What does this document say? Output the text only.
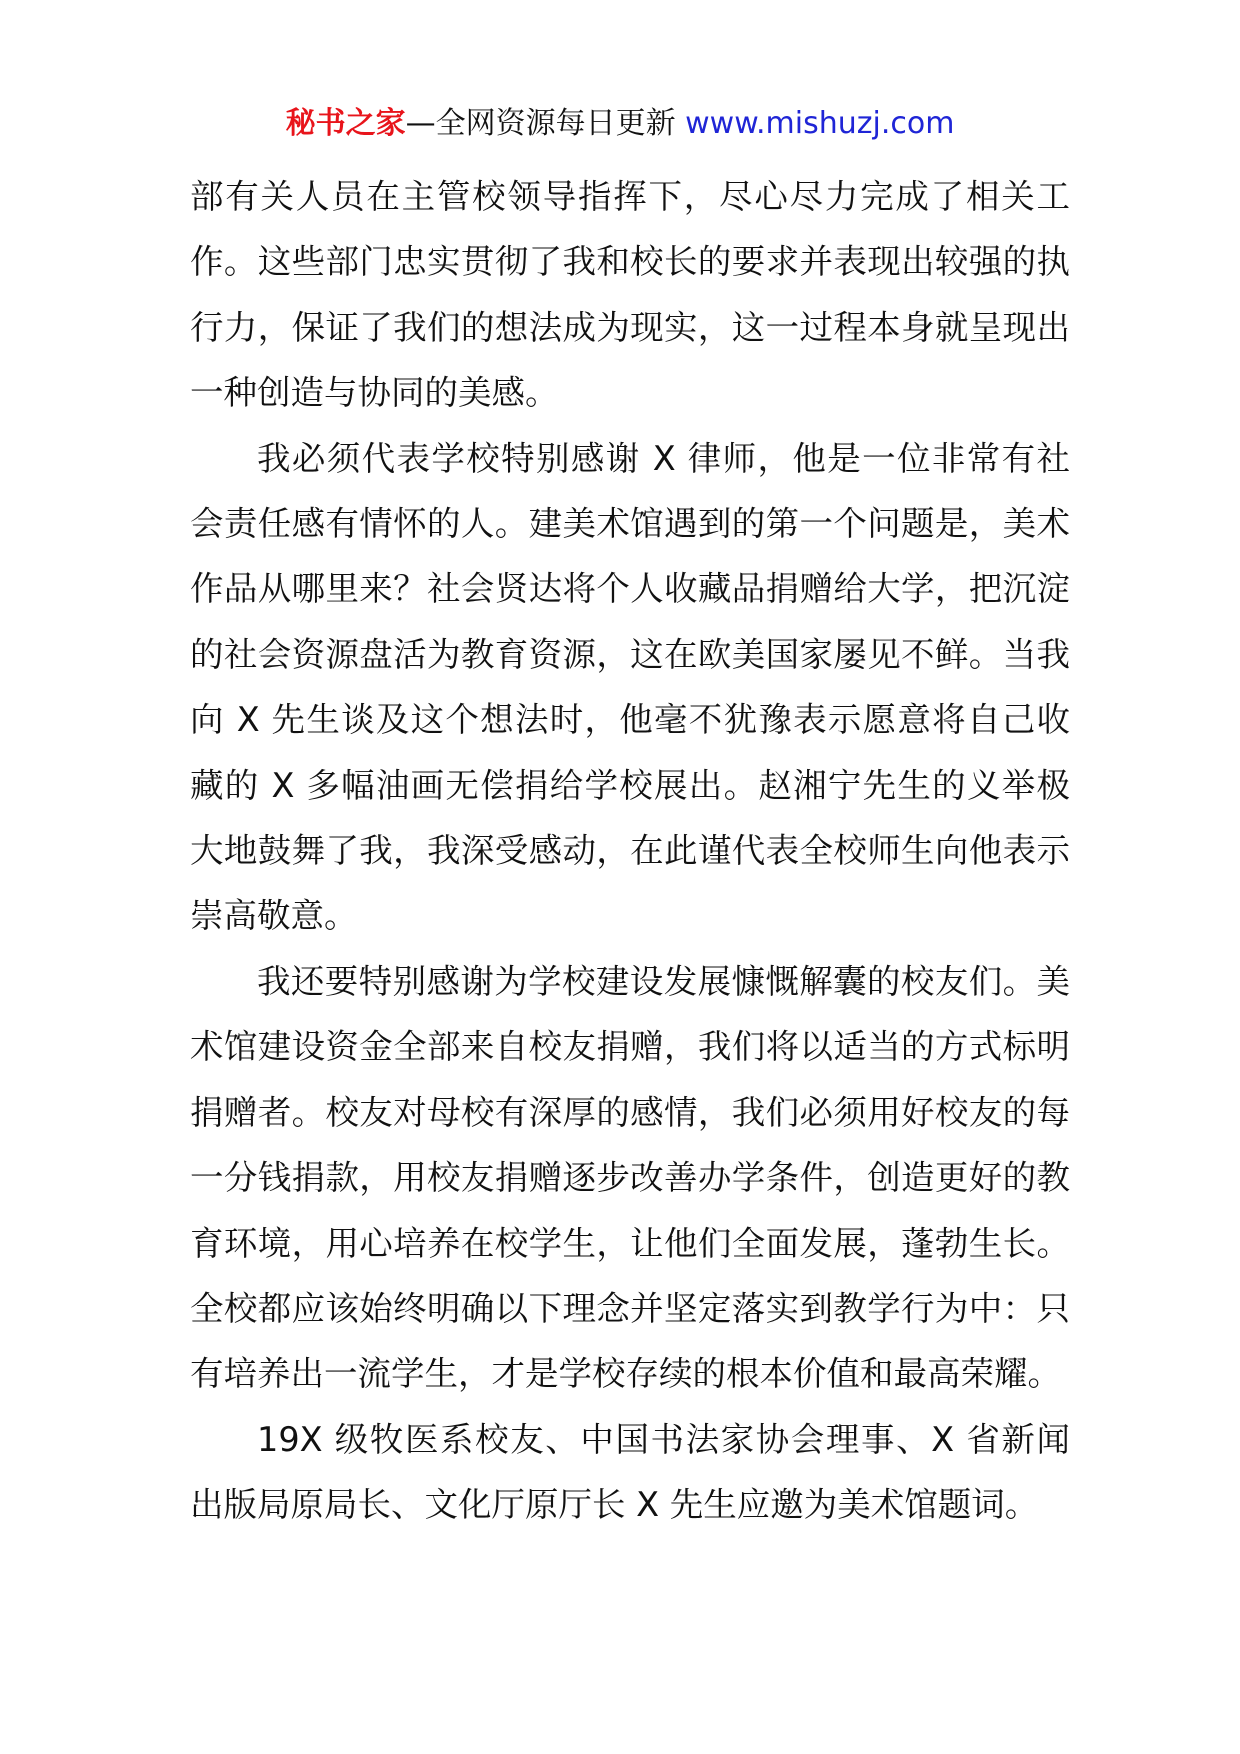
秘书之家—全网资源每日更新 www.mishuzj.com

部有关人员在主管校领导指挥下，尽心尽力完成了相关工作。这些部门忠实贯彻了我和校长的要求并表现出较强的执行力，保证了我们的想法成为现实，这一过程本身就呈现出一种创造与协同的美感。

我必须代表学校特别感谢 X 律师，他是一位非常有社会责任感有情怀的人。建美术馆遇到的第一个问题是，美术作品从哪里来？社会贤达将个人收藏品捐赠给大学，把沉淀的社会资源盘活为教育资源，这在欧美国家屡见不鲜。当我向 X 先生谈及这个想法时，他毫不犹豫表示愿意将自己收藏的 X 多幅油画无偿捐给学校展出。赵湘宁先生的义举极大地鼓舞了我，我深受感动，在此谨代表全校师生向他表示崇高敬意。

我还要特别感谢为学校建设发展慷慨解囊的校友们。美术馆建设资金全部来自校友捐赠，我们将以适当的方式标明捐赠者。校友对母校有深厚的感情，我们必须用好校友的每一分钱捐款，用校友捐赠逐步改善办学条件，创造更好的教育环境，用心培养在校学生，让他们全面发展，蓬勃生长。全校都应该始终明确以下理念并坚定落实到教学行为中：只有培养出一流学生，才是学校存续的根本价值和最高荣耀。

19X 级牧医系校友、中国书法家协会理事、X 省新闻出版局原局长、文化厅原厅长 X 先生应邀为美术馆题词。
